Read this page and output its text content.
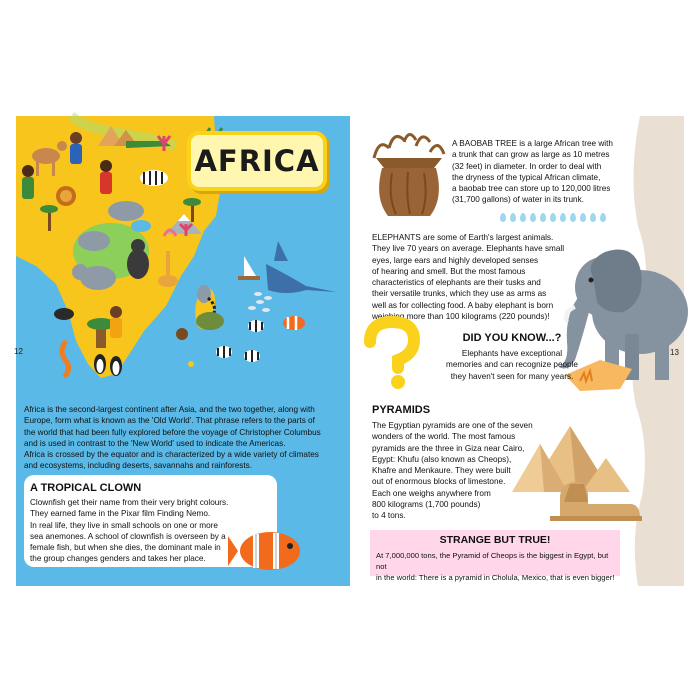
12
AFRICA
Africa is the second-largest continent after Asia, and the two together, along with
Europe, form what is known as the 'Old World'. That phrase refers to the parts of
the world that had been fully explored before the voyage of Christopher Columbus
and is used in contrast to the 'New World' used to indicate the Americas.
Africa is crossed by the equator and is characterized by a wide variety of climates
and ecosystems, including deserts, savannahs and rainforests.
A TROPICAL CLOWN
Clownfish get their name from their very bright colours.
They earned fame in the Pixar film Finding Nemo.
In real life, they live in small schools on one or more
sea anemones. A school of clownfish is overseen by a
female fish, but when she dies, the dominant male in
the group changes genders and takes her place.
A BAOBAB TREE is a large African tree with
a trunk that can grow as large as 10 metres
(32 feet) in diameter. In order to deal with
the dryness of the typical African climate,
a baobab tree can store up to 120,000 litres
(31,700 gallons) of water in its trunk.
ELEPHANTS are some of Earth's largest animals.
They live 70 years on average. Elephants have small
eyes, large ears and highly developed senses
of hearing and smell. But the most famous
characteristics of elephants are their tusks and
their versatile trunks, which they use as arms as
well as for collecting food. A baby elephant is born
weighing more than 100 kilograms (220 pounds)!
13
DID YOU KNOW...?
Elephants have exceptional
memories and can recognize people
they haven't seen for many years.
PYRAMIDS
The Egyptian pyramids are one of the seven
wonders of the world. The most famous
pyramids are the three in Giza near Cairo,
Egypt: Khufu (also known as Cheops),
Khafre and Menkaure. They were built
out of enormous blocks of limestone.
Each one weighs anywhere from
800 kilograms (1,700 pounds)
to 4 tons.
STRANGE BUT TRUE!
At 7,000,000 tons, the Pyramid of Cheops is the biggest in Egypt, but not
in the world: There is a pyramid in Cholula, Mexico, that is even bigger!
